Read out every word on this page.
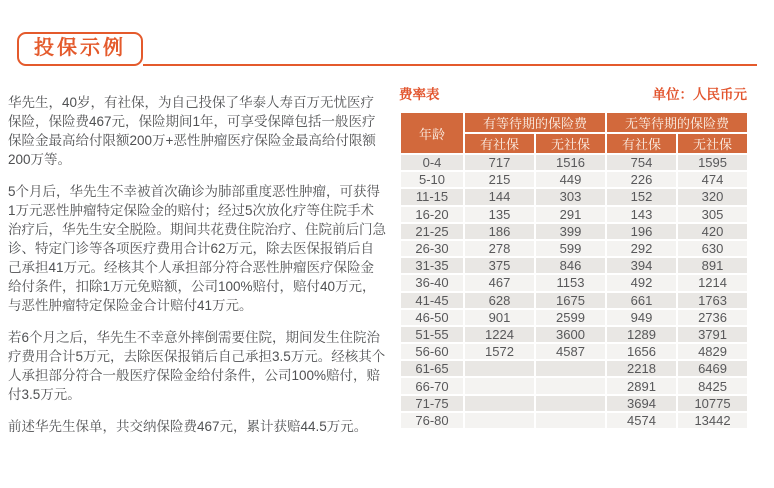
投保示例

华先生，40岁，有社保，为自己投保了华泰人寿百万无忧医疗保险，保险费467元，保险期间1年，可享受保障包括一般医疗保险金最高给付限额200万+恶性肿瘤医疗保险金最高给付限额200万等。

5个月后，华先生不幸被首次确诊为肺部重度恶性肿瘤，可获得1万元恶性肿瘤特定保险金的赔付；经过5次放化疗等住院手术治疗后，华先生安全脱险。期间共花费住院治疗、住院前后门急诊、特定门诊等各项医疗费用合计62万元，除去医保报销后自己承担41万元。经核其个人承担部分符合恶性肿瘤医疗保险金给付条件，扣除1万元免赔额，公司100%赔付，赔付40万元，与恶性肿瘤特定保险金合计赔付41万元。

若6个月之后，华先生不幸意外摔倒需要住院，期间发生住院治疗费用合计5万元，去除医保报销后自己承担3.5万元。经核其个人承担部分符合一般医疗保险金给付条件，公司100%赔付，赔付3.5万元。

前述华先生保单，共交纳保险费467元，累计获赔44.5万元。

费率表	单位：人民币元
年龄	有等待期的保险费		无等待期的保险费	
	有社保	无社保	有社保	无社保
0-4	717	1516	754	1595
5-10	215	449	226	474
11-15	144	303	152	320
16-20	135	291	143	305
21-25	186	399	196	420
26-30	278	599	292	630
31-35	375	846	394	891
36-40	467	1153	492	1214
41-45	628	1675	661	1763
46-50	901	2599	949	2736
51-55	1224	3600	1289	3791
56-60	1572	4587	1656	4829
61-65			2218	6469
66-70			2891	8425
71-75			3694	10775
76-80			4574	13442
